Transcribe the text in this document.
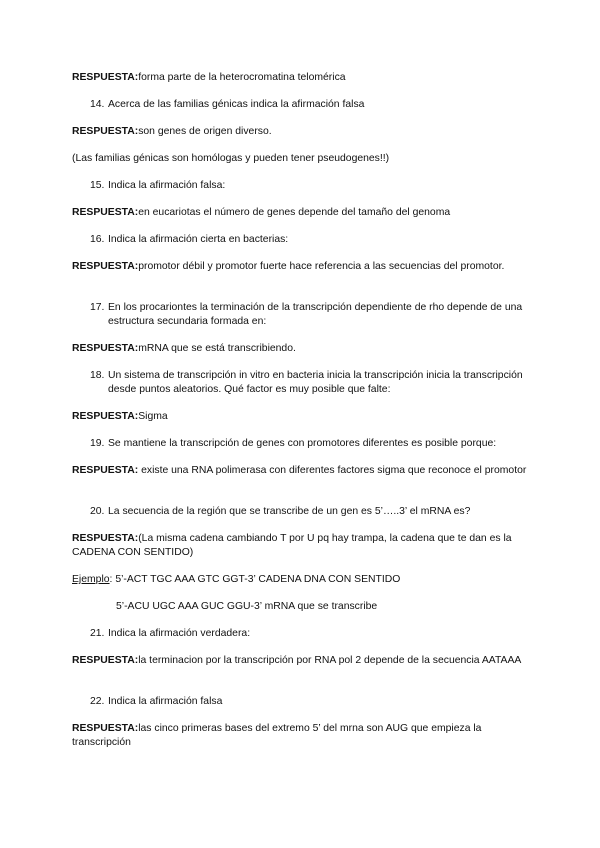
RESPUESTA:forma parte de la heterocromatina telomérica

14. Acerca de las familias génicas indica la afirmación falsa

RESPUESTA:son genes de origen diverso.

(Las familias génicas son homólogas y pueden tener pseudogenes!!)

15. Indica la afirmación falsa:

RESPUESTA:en eucariotas el número de genes depende del tamaño del genoma

16. Indica la afirmación cierta en bacterias:

RESPUESTA:promotor débil y promotor fuerte hace referencia a las secuencias del promotor.

17. En los procariontes la terminación de la transcripción dependiente de rho depende de una estructura secundaria formada en:

RESPUESTA:mRNA que se está transcribiendo.

18. Un sistema de transcripción in vitro en bacteria inicia la transcripción inicia la transcripción desde puntos aleatorios. Qué factor es muy posible que falte:

RESPUESTA:Sigma

19. Se mantiene la transcripción de genes con promotores diferentes es posible porque:

RESPUESTA: existe una RNA polimerasa con diferentes factores sigma que reconoce el promotor

20. La secuencia de la región que se transcribe de un gen es 5’…..3’ el mRNA es?

RESPUESTA:(La misma cadena cambiando T por U pq hay trampa, la cadena que te dan es la CADENA CON SENTIDO)

Ejemplo: 5’-ACT TGC AAA GTC GGT-3’ CADENA DNA CON SENTIDO

5’-ACU UGC AAA GUC GGU-3’ mRNA que se transcribe

21. Indica la afirmación verdadera:

RESPUESTA:la terminacion por la transcripción por RNA pol 2 depende de la secuencia AATAAA

22. Indica la afirmación falsa

RESPUESTA:las cinco primeras bases del extremo 5’ del mrna son AUG que empieza la transcripción
